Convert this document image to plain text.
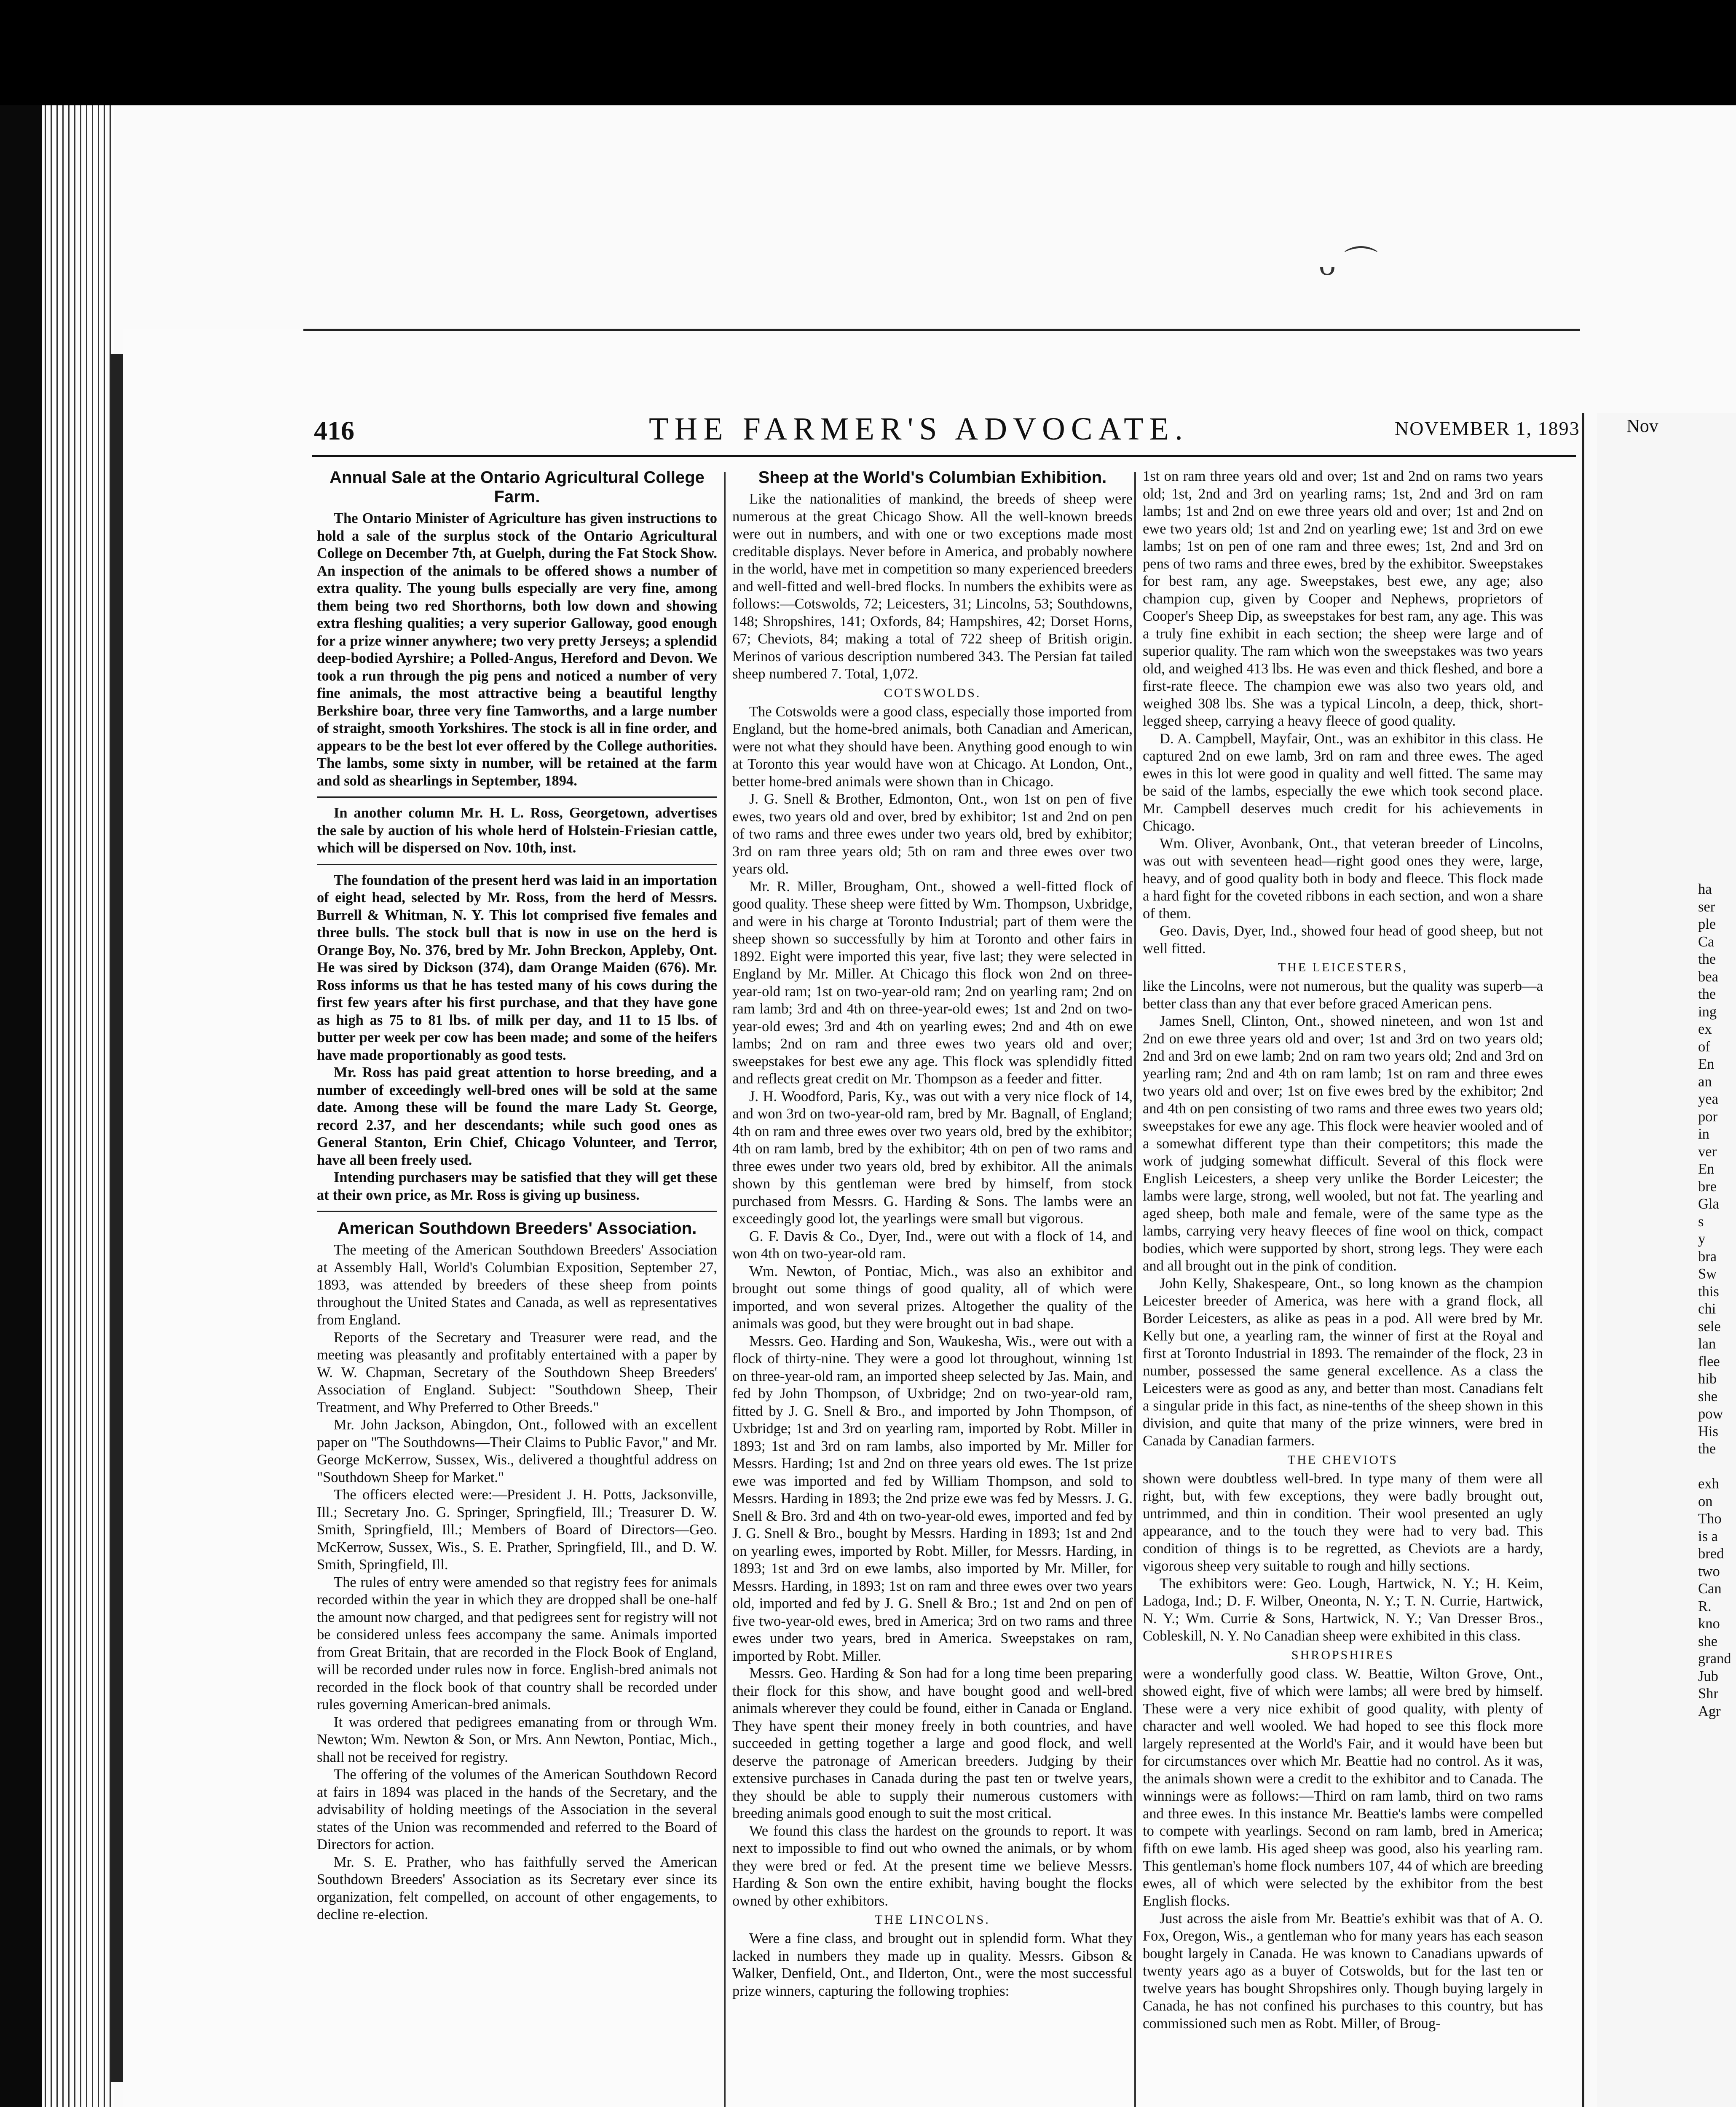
ᴗ ⌒
416	THE FARMER'S ADVOCATE.	NOVEMBER 1, 1893
Annual Sale at the Ontario Agricultural College Farm.

The Ontario Minister of Agriculture has given instructions to hold a sale of the surplus stock of the Ontario Agricultural College on December 7th, at Guelph, during the Fat Stock Show. An inspection of the animals to be offered shows a number of extra quality. The young bulls especially are very fine, among them being two red Shorthorns, both low down and showing extra fleshing qualities; a very superior Galloway, good enough for a prize winner anywhere; two very pretty Jerseys; a splendid deep-bodied Ayrshire; a Polled-Angus, Hereford and Devon. We took a run through the pig pens and noticed a number of very fine animals, the most attractive being a beautiful lengthy Berkshire boar, three very fine Tamworths, and a large number of straight, smooth Yorkshires. The stock is all in fine order, and appears to be the best lot ever offered by the College authorities. The lambs, some sixty in number, will be retained at the farm and sold as shearlings in September, 1894.

In another column Mr. H. L. Ross, Georgetown, advertises the sale by auction of his whole herd of Holstein-Friesian cattle, which will be dispersed on Nov. 10th, inst.

The foundation of the present herd was laid in an importation of eight head, selected by Mr. Ross, from the herd of Messrs. Burrell & Whitman, N. Y. This lot comprised five females and three bulls. The stock bull that is now in use on the herd is Orange Boy, No. 376, bred by Mr. John Breckon, Appleby, Ont. He was sired by Dickson (374), dam Orange Maiden (676). Mr. Ross informs us that he has tested many of his cows during the first few years after his first purchase, and that they have gone as high as 75 to 81 lbs. of milk per day, and 11 to 15 lbs. of butter per week per cow has been made; and some of the heifers have made proportionably as good tests.

Mr. Ross has paid great attention to horse breeding, and a number of exceedingly well-bred ones will be sold at the same date. Among these will be found the mare Lady St. George, record 2.37, and her descendants; while such good ones as General Stanton, Erin Chief, Chicago Volunteer, and Terror, have all been freely used.

Intending purchasers may be satisfied that they will get these at their own price, as Mr. Ross is giving up business.

American Southdown Breeders' Association.

The meeting of the American Southdown Breeders' Association at Assembly Hall, World's Columbian Exposition, September 27, 1893, was attended by breeders of these sheep from points throughout the United States and Canada, as well as representatives from England.

Reports of the Secretary and Treasurer were read, and the meeting was pleasantly and profitably entertained with a paper by W. W. Chapman, Secretary of the Southdown Sheep Breeders' Association of England. Subject: "Southdown Sheep, Their Treatment, and Why Preferred to Other Breeds."

Mr. John Jackson, Abingdon, Ont., followed with an excellent paper on "The Southdowns—Their Claims to Public Favor," and Mr. George McKerrow, Sussex, Wis., delivered a thoughtful address on "Southdown Sheep for Market."

The officers elected were:—President J. H. Potts, Jacksonville, Ill.; Secretary Jno. G. Springer, Springfield, Ill.; Treasurer D. W. Smith, Springfield, Ill.; Members of Board of Directors—Geo. McKerrow, Sussex, Wis., S. E. Prather, Springfield, Ill., and D. W. Smith, Springfield, Ill.

The rules of entry were amended so that registry fees for animals recorded within the year in which they are dropped shall be one-half the amount now charged, and that pedigrees sent for registry will not be considered unless fees accompany the same. Animals imported from Great Britain, that are recorded in the Flock Book of England, will be recorded under rules now in force. English-bred animals not recorded in the flock book of that country shall be recorded under rules governing American-bred animals.

It was ordered that pedigrees emanating from or through Wm. Newton; Wm. Newton & Son, or Mrs. Ann Newton, Pontiac, Mich., shall not be received for registry.

The offering of the volumes of the American Southdown Record at fairs in 1894 was placed in the hands of the Secretary, and the advisability of holding meetings of the Association in the several states of the Union was recommended and referred to the Board of Directors for action.

Mr. S. E. Prather, who has faithfully served the American Southdown Breeders' Association as its Secretary ever since its organization, felt compelled, on account of other engagements, to decline re-election.

Sheep at the World's Columbian Exhibition.

Like the nationalities of mankind, the breeds of sheep were numerous at the great Chicago Show. All the well-known breeds were out in numbers, and with one or two exceptions made most creditable displays. Never before in America, and probably nowhere in the world, have met in competition so many experienced breeders and well-fitted and well-bred flocks. In numbers the exhibits were as follows:—Cotswolds, 72; Leicesters, 31; Lincolns, 53; Southdowns, 148; Shropshires, 141; Oxfords, 84; Hampshires, 42; Dorset Horns, 67; Cheviots, 84; making a total of 722 sheep of British origin. Merinos of various description numbered 343. The Persian fat tailed sheep numbered 7. Total, 1,072.

COTSWOLDS.

The Cotswolds were a good class, especially those imported from England, but the home-bred animals, both Canadian and American, were not what they should have been. Anything good enough to win at Toronto this year would have won at Chicago. At London, Ont., better home-bred animals were shown than in Chicago.

J. G. Snell & Brother, Edmonton, Ont., won 1st on pen of five ewes, two years old and over, bred by exhibitor; 1st and 2nd on pen of two rams and three ewes under two years old, bred by exhibitor; 3rd on ram three years old; 5th on ram and three ewes over two years old.

Mr. R. Miller, Brougham, Ont., showed a well-fitted flock of good quality. These sheep were fitted by Wm. Thompson, Uxbridge, and were in his charge at Toronto Industrial; part of them were the sheep shown so successfully by him at Toronto and other fairs in 1892. Eight were imported this year, five last; they were selected in England by Mr. Miller. At Chicago this flock won 2nd on three-year-old ram; 1st on two-year-old ram; 2nd on yearling ram; 2nd on ram lamb; 3rd and 4th on three-year-old ewes; 1st and 2nd on two-year-old ewes; 3rd and 4th on yearling ewes; 2nd and 4th on ewe lambs; 2nd on ram and three ewes two years old and over; sweepstakes for best ewe any age. This flock was splendidly fitted and reflects great credit on Mr. Thompson as a feeder and fitter.

J. H. Woodford, Paris, Ky., was out with a very nice flock of 14, and won 3rd on two-year-old ram, bred by Mr. Bagnall, of England; 4th on ram and three ewes over two years old, bred by the exhibitor; 4th on ram lamb, bred by the exhibitor; 4th on pen of two rams and three ewes under two years old, bred by exhibitor. All the animals shown by this gentleman were bred by himself, from stock purchased from Messrs. G. Harding & Sons. The lambs were an exceedingly good lot, the yearlings were small but vigorous.

G. F. Davis & Co., Dyer, Ind., were out with a flock of 14, and won 4th on two-year-old ram.

Wm. Newton, of Pontiac, Mich., was also an exhibitor and brought out some things of good quality, all of which were imported, and won several prizes. Altogether the quality of the animals was good, but they were brought out in bad shape.

Messrs. Geo. Harding and Son, Waukesha, Wis., were out with a flock of thirty-nine. They were a good lot throughout, winning 1st on three-year-old ram, an imported sheep selected by Jas. Main, and fed by John Thompson, of Uxbridge; 2nd on two-year-old ram, fitted by J. G. Snell & Bro., and imported by John Thompson, of Uxbridge; 1st and 3rd on yearling ram, imported by Robt. Miller in 1893; 1st and 3rd on ram lambs, also imported by Mr. Miller for Messrs. Harding; 1st and 2nd on three years old ewes. The 1st prize ewe was imported and fed by William Thompson, and sold to Messrs. Harding in 1893; the 2nd prize ewe was fed by Messrs. J. G. Snell & Bro. 3rd and 4th on two-year-old ewes, imported and fed by J. G. Snell & Bro., bought by Messrs. Harding in 1893; 1st and 2nd on yearling ewes, imported by Robt. Miller, for Messrs. Harding, in 1893; 1st and 3rd on ewe lambs, also imported by Mr. Miller, for Messrs. Harding, in 1893; 1st on ram and three ewes over two years old, imported and fed by J. G. Snell & Bro.; 1st and 2nd on pen of five two-year-old ewes, bred in America; 3rd on two rams and three ewes under two years, bred in America. Sweepstakes on ram, imported by Robt. Miller.

Messrs. Geo. Harding & Son had for a long time been preparing their flock for this show, and have bought good and well-bred animals wherever they could be found, either in Canada or England. They have spent their money freely in both countries, and have succeeded in getting together a large and good flock, and well deserve the patronage of American breeders. Judging by their extensive purchases in Canada during the past ten or twelve years, they should be able to supply their numerous customers with breeding animals good enough to suit the most critical.

We found this class the hardest on the grounds to report. It was next to impossible to find out who owned the animals, or by whom they were bred or fed. At the present time we believe Messrs. Harding & Son own the entire exhibit, having bought the flocks owned by other exhibitors.

THE LINCOLNS.

Were a fine class, and brought out in splendid form. What they lacked in numbers they made up in quality. Messrs. Gibson & Walker, Denfield, Ont., and Ilderton, Ont., were the most successful prize winners, capturing the following trophies:

1st on ram three years old and over; 1st and 2nd on rams two years old; 1st, 2nd and 3rd on yearling rams; 1st, 2nd and 3rd on ram lambs; 1st and 2nd on ewe three years old and over; 1st and 2nd on ewe two years old; 1st and 2nd on yearling ewe; 1st and 3rd on ewe lambs; 1st on pen of one ram and three ewes; 1st, 2nd and 3rd on pens of two rams and three ewes, bred by the exhibitor. Sweepstakes for best ram, any age. Sweepstakes, best ewe, any age; also champion cup, given by Cooper and Nephews, proprietors of Cooper's Sheep Dip, as sweepstakes for best ram, any age. This was a truly fine exhibit in each section; the sheep were large and of superior quality. The ram which won the sweepstakes was two years old, and weighed 413 lbs. He was even and thick fleshed, and bore a first-rate fleece. The champion ewe was also two years old, and weighed 308 lbs. She was a typical Lincoln, a deep, thick, short-legged sheep, carrying a heavy fleece of good quality.

D. A. Campbell, Mayfair, Ont., was an exhibitor in this class. He captured 2nd on ewe lamb, 3rd on ram and three ewes. The aged ewes in this lot were good in quality and well fitted. The same may be said of the lambs, especially the ewe which took second place. Mr. Campbell deserves much credit for his achievements in Chicago.

Wm. Oliver, Avonbank, Ont., that veteran breeder of Lincolns, was out with seventeen head—right good ones they were, large, heavy, and of good quality both in body and fleece. This flock made a hard fight for the coveted ribbons in each section, and won a share of them.

Geo. Davis, Dyer, Ind., showed four head of good sheep, but not well fitted.

THE LEICESTERS,

like the Lincolns, were not numerous, but the quality was superb—a better class than any that ever before graced American pens.

James Snell, Clinton, Ont., showed nineteen, and won 1st and 2nd on ewe three years old and over; 1st and 3rd on two years old; 2nd and 3rd on ewe lamb; 2nd on ram two years old; 2nd and 3rd on yearling ram; 2nd and 4th on ram lamb; 1st on ram and three ewes two years old and over; 1st on five ewes bred by the exhibitor; 2nd and 4th on pen consisting of two rams and three ewes two years old; sweepstakes for ewe any age. This flock were heavier wooled and of a somewhat different type than their competitors; this made the work of judging somewhat difficult. Several of this flock were English Leicesters, a sheep very unlike the Border Leicester; the lambs were large, strong, well wooled, but not fat. The yearling and aged sheep, both male and female, were of the same type as the lambs, carrying very heavy fleeces of fine wool on thick, compact bodies, which were supported by short, strong legs. They were each and all brought out in the pink of condition.

John Kelly, Shakespeare, Ont., so long known as the champion Leicester breeder of America, was here with a grand flock, all Border Leicesters, as alike as peas in a pod. All were bred by Mr. Kelly but one, a yearling ram, the winner of first at the Royal and first at Toronto Industrial in 1893. The remainder of the flock, 23 in number, possessed the same general excellence. As a class the Leicesters were as good as any, and better than most. Canadians felt a singular pride in this fact, as nine-tenths of the sheep shown in this division, and quite that many of the prize winners, were bred in Canada by Canadian farmers.

THE CHEVIOTS

shown were doubtless well-bred. In type many of them were all right, but, with few exceptions, they were badly brought out, untrimmed, and thin in condition. Their wool presented an ugly appearance, and to the touch they were had to very bad. This condition of things is to be regretted, as Cheviots are a hardy, vigorous sheep very suitable to rough and hilly sections.

The exhibitors were: Geo. Lough, Hartwick, N. Y.; H. Keim, Ladoga, Ind.; D. F. Wilber, Oneonta, N. Y.; T. N. Currie, Hartwick, N. Y.; Wm. Currie & Sons, Hartwick, N. Y.; Van Dresser Bros., Cobleskill, N. Y. No Canadian sheep were exhibited in this class.

SHROPSHIRES

were a wonderfully good class. W. Beattie, Wilton Grove, Ont., showed eight, five of which were lambs; all were bred by himself. These were a very nice exhibit of good quality, with plenty of character and well wooled. We had hoped to see this flock more largely represented at the World's Fair, and it would have been but for circumstances over which Mr. Beattie had no control. As it was, the animals shown were a credit to the exhibitor and to Canada. The winnings were as follows:—Third on ram lamb, third on two rams and three ewes. In this instance Mr. Beattie's lambs were compelled to compete with yearlings. Second on ram lamb, bred in America; fifth on ewe lamb. His aged sheep was good, also his yearling ram. This gentleman's home flock numbers 107, 44 of which are breeding ewes, all of which were selected by the exhibitor from the best English flocks.

Just across the aisle from Mr. Beattie's exhibit was that of A. O. Fox, Oregon, Wis., a gentleman who for many years has each season bought largely in Canada. He was known to Canadians upwards of twenty years ago as a buyer of Cotswolds, but for the last ten or twelve years has bought Shropshires only. Though buying largely in Canada, he has not confined his purchases to this country, but has commissioned such men as Robt. Miller, of Broug-

Nov
ha
ser
ple
Ca
the
bea
the
ing
ex
of
En
an
yea
por
in
ver
En
bre
Gla
s
y
bra
Sw
this
chi
sele
lan
flee
hib
she
pow
His
the

exh
on
Tho
is a
bred
two
Can
R.
kno
she
grand
Jub
Shr
Agr
